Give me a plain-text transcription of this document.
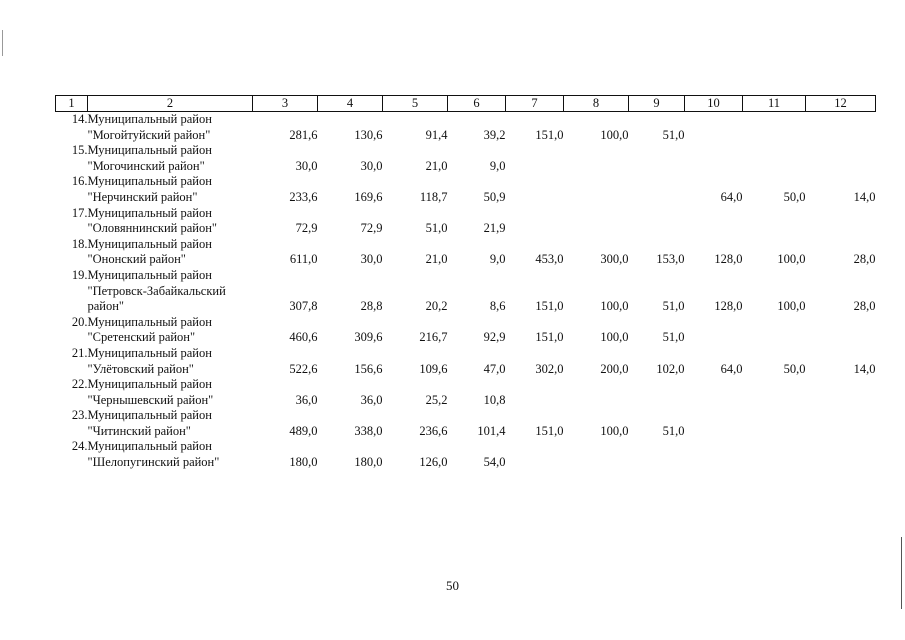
1	2	3	4	5	6	7	8	9	10	11	12
14.	Муниципальный район										
	"Могойтуйский район"	281,6	130,6	91,4	39,2	151,0	100,0	51,0			
15.	Муниципальный район										
	"Могочинский район"	30,0	30,0	21,0	9,0						
16.	Муниципальный район										
	"Нерчинский район"	233,6	169,6	118,7	50,9				64,0	50,0	14,0
17.	Муниципальный район										
	"Оловяннинский район"	72,9	72,9	51,0	21,9						
18.	Муниципальный район										
	"Ононский район"	611,0	30,0	21,0	9,0	453,0	300,0	153,0	128,0	100,0	28,0
19.	Муниципальный район										
	"Петровск-Забайкальский										
	район"	307,8	28,8	20,2	8,6	151,0	100,0	51,0	128,0	100,0	28,0
20.	Муниципальный район										
	"Сретенский район"	460,6	309,6	216,7	92,9	151,0	100,0	51,0			
21.	Муниципальный район										
	"Улётовский район"	522,6	156,6	109,6	47,0	302,0	200,0	102,0	64,0	50,0	14,0
22.	Муниципальный район										
	"Чернышевский район"	36,0	36,0	25,2	10,8						
23.	Муниципальный район										
	"Читинский район"	489,0	338,0	236,6	101,4	151,0	100,0	51,0			
24.	Муниципальный район										
	"Шелопугинский район"	180,0	180,0	126,0	54,0						
50
